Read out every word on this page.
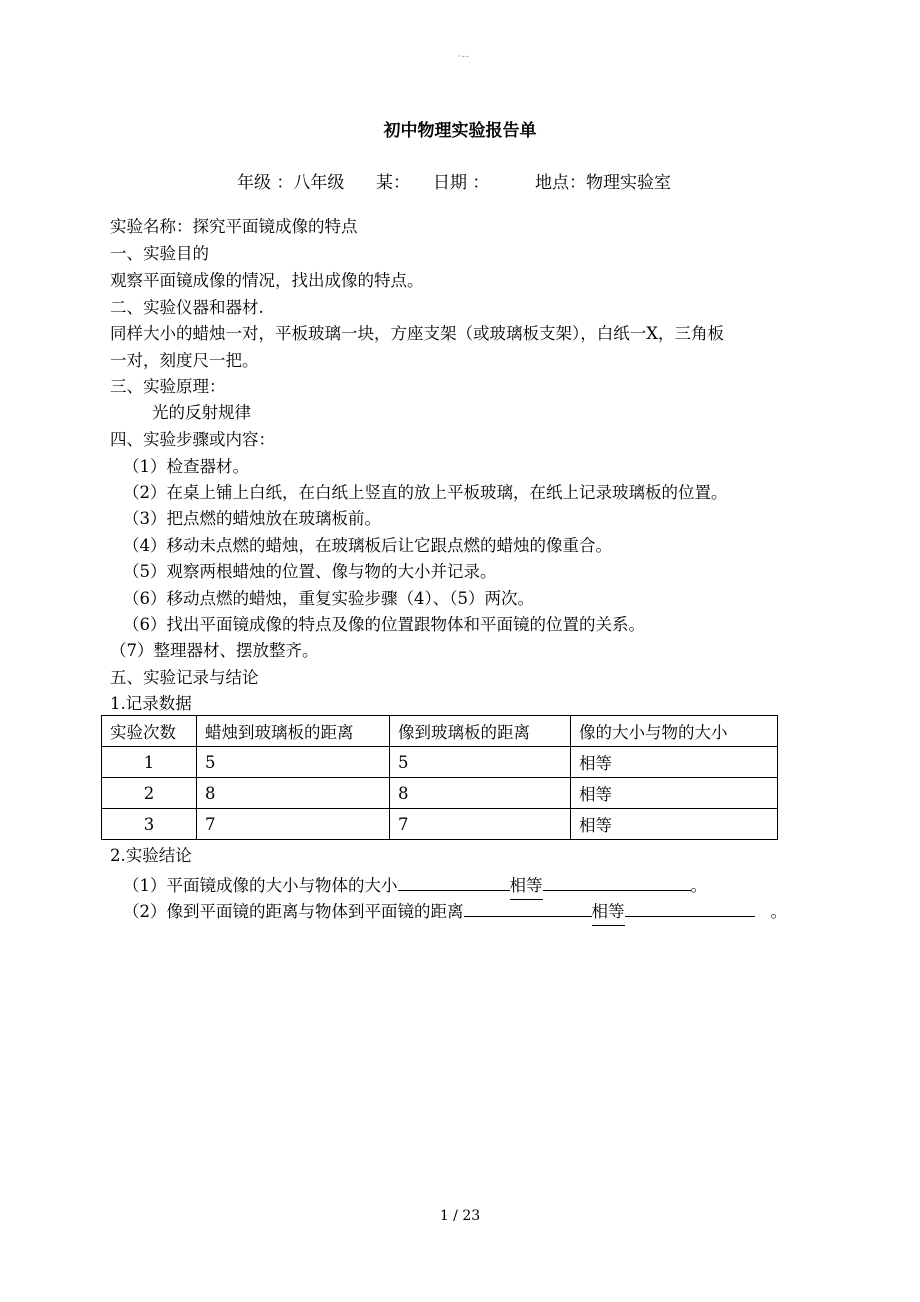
·--
初中物理实验报告单
年级 ：八年级 某： 日期 ：	地点：物理实验室
实验名称：探究平面镜成像的特点
一、实验目的
观察平面镜成像的情况，找出成像的特点。
二、实验仪器和器材.
同样大小的蜡烛一对，平板玻璃一块，方座支架（或玻璃板支架），白纸一X，三角板
一对，刻度尺一把。
三、实验原理：
光的反射规律
四、实验步骤或内容：
（1）检查器材。
（2）在桌上铺上白纸，在白纸上竖直的放上平板玻璃，在纸上记录玻璃板的位置。
（3）把点燃的蜡烛放在玻璃板前。
（4）移动未点燃的蜡烛，在玻璃板后让它跟点燃的蜡烛的像重合。
（5）观察两根蜡烛的位置、像与物的大小并记录。
（6）移动点燃的蜡烛，重复实验步骤（4）、（5）两次。
（6）找出平面镜成像的特点及像的位置跟物体和平面镜的位置的关系。
（7）整理器材、摆放整齐。
五、实验记录与结论
1.记录数据
实验次数	蜡烛到玻璃板的距离	像到玻璃板的距离	像的大小与物的大小
1	5	5	相等
2	8	8	相等
3	7	7	相等
2.实验结论
（1）平面镜成像的大小与物体的大小	相等	。
（2）像到平面镜的距离与物体到平面镜的距离	相等	。
1 / 23
